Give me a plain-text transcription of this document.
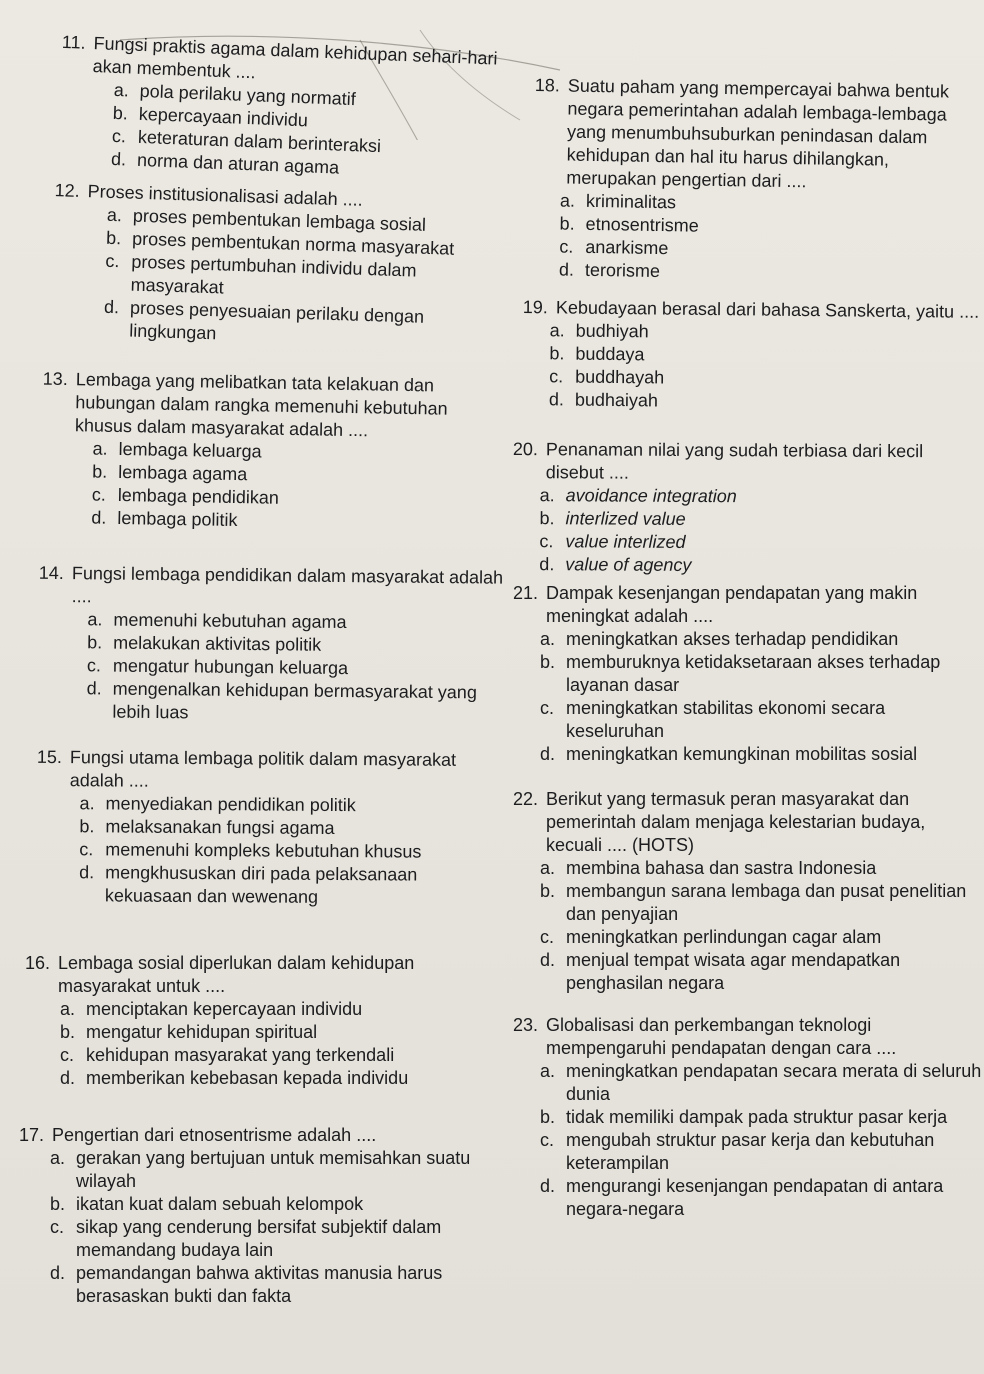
11. Fungsi praktis agama dalam kehidupan sehari-hari akan membentuk ....
a. pola perilaku yang normatif
b. kepercayaan individu
c. keteraturan dalam berinteraksi
d. norma dan aturan agama
12. Proses institusionalisasi adalah ....
a. proses pembentukan lembaga sosial
b. proses pembentukan norma masyarakat
c. proses pertumbuhan individu dalam masyarakat
d. proses penyesuaian perilaku dengan lingkungan
13. Lembaga yang melibatkan tata kelakuan dan hubungan dalam rangka memenuhi kebutuhan khusus dalam masyarakat adalah ....
a. lembaga keluarga
b. lembaga agama
c. lembaga pendidikan
d. lembaga politik
14. Fungsi lembaga pendidikan dalam masyarakat adalah ....
a. memenuhi kebutuhan agama
b. melakukan aktivitas politik
c. mengatur hubungan keluarga
d. mengenalkan kehidupan bermasyarakat yang lebih luas
15. Fungsi utama lembaga politik dalam masyarakat adalah ....
a. menyediakan pendidikan politik
b. melaksanakan fungsi agama
c. memenuhi kompleks kebutuhan khusus
d. mengkhususkan diri pada pelaksanaan kekuasaan dan wewenang
16. Lembaga sosial diperlukan dalam kehidupan masyarakat untuk ....
a. menciptakan kepercayaan individu
b. mengatur kehidupan spiritual
c. kehidupan masyarakat yang terkendali
d. memberikan kebebasan kepada individu
17. Pengertian dari etnosentrisme adalah ....
a. gerakan yang bertujuan untuk memisahkan suatu wilayah
b. ikatan kuat dalam sebuah kelompok
c. sikap yang cenderung bersifat subjektif dalam memandang budaya lain
d. pemandangan bahwa aktivitas manusia harus berasaskan bukti dan fakta
18. Suatu paham yang mempercayai bahwa bentuk negara pemerintahan adalah lembaga-lembaga yang menumbuhsuburkan penindasan dalam kehidupan dan hal itu harus dihilangkan, merupakan pengertian dari ....
a. kriminalitas
b. etnosentrisme
c. anarkisme
d. terorisme
19. Kebudayaan berasal dari bahasa Sanskerta, yaitu ....
a. budhiyah
b. buddaya
c. buddhayah
d. budhaiyah
20. Penanaman nilai yang sudah terbiasa dari kecil disebut ....
a. avoidance integration
b. interlized value
c. value interlized
d. value of agency
21. Dampak kesenjangan pendapatan yang makin meningkat adalah ....
a. meningkatkan akses terhadap pendidikan
b. memburuknya ketidaksetaraan akses terhadap layanan dasar
c. meningkatkan stabilitas ekonomi secara keseluruhan
d. meningkatkan kemungkinan mobilitas sosial
22. Berikut yang termasuk peran masyarakat dan pemerintah dalam menjaga kelestarian budaya, kecuali .... (HOTS)
a. membina bahasa dan sastra Indonesia
b. membangun sarana lembaga dan pusat penelitian dan penyajian
c. meningkatkan perlindungan cagar alam
d. menjual tempat wisata agar mendapatkan penghasilan negara
23. Globalisasi dan perkembangan teknologi mempengaruhi pendapatan dengan cara ....
a. meningkatkan pendapatan secara merata di seluruh dunia
b. tidak memiliki dampak pada struktur pasar kerja
c. mengubah struktur pasar kerja dan kebutuhan keterampilan
d. mengurangi kesenjangan pendapatan di antara negara-negara
